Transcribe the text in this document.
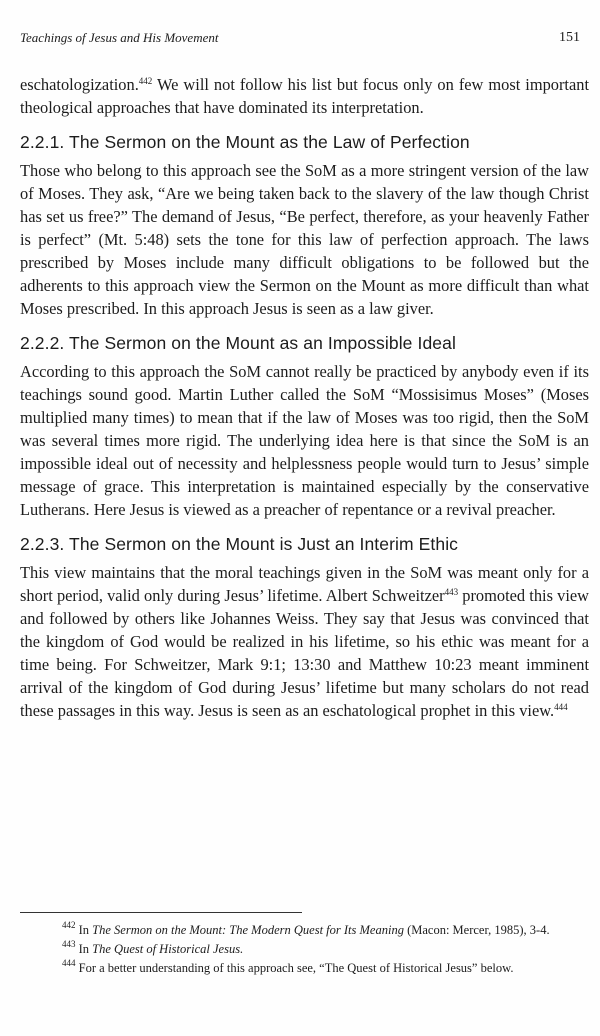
Teachings of Jesus and His Movement	151

eschatologization.$^{442}$ We will not follow his list but focus only on few most important theological approaches that have dominated its interpretation.

2.2.1. The Sermon on the Mount as the Law of Perfection

Those who belong to this approach see the SoM as a more stringent version of the law of Moses. They ask, “Are we being taken back to the slavery of the law though Christ has set us free?” The demand of Jesus, “Be perfect, therefore, as your heavenly Father is perfect” (Mt. 5:48) sets the tone for this law of perfection approach. The laws prescribed by Moses include many difficult obligations to be followed but the adherents to this approach view the Sermon on the Mount as more difficult than what Moses prescribed. In this approach Jesus is seen as a law giver.

2.2.2. The Sermon on the Mount as an Impossible Ideal

According to this approach the SoM cannot really be practiced by anybody even if its teachings sound good. Martin Luther called the SoM “Mossisimus Moses” (Moses multiplied many times) to mean that if the law of Moses was too rigid, then the SoM was several times more rigid. The underlying idea here is that since the SoM is an impossible ideal out of necessity and helplessness people would turn to Jesus’ simple message of grace. This interpretation is maintained especially by the conservative Lutherans. Here Jesus is viewed as a preacher of repentance or a revival preacher.

2.2.3. The Sermon on the Mount is Just an Interim Ethic

This view maintains that the moral teachings given in the SoM was meant only for a short period, valid only during Jesus’ lifetime. Albert Schweitzer$^{443}$ promoted this view and followed by others like Johannes Weiss. They say that Jesus was convinced that the kingdom of God would be realized in his lifetime, so his ethic was meant for a time being. For Schweitzer, Mark 9:1; 13:30 and Matthew 10:23 meant imminent arrival of the kingdom of God during Jesus’ lifetime but many scholars do not read these passages in this way. Jesus is seen as an eschatological prophet in this view.$^{444}$

$^{442}$ In The Sermon on the Mount: The Modern Quest for Its Meaning (Macon: Mercer, 1985), 3-4.

$^{443}$ In The Quest of Historical Jesus.

$^{444}$ For a better understanding of this approach see, “The Quest of Historical Jesus” below.
